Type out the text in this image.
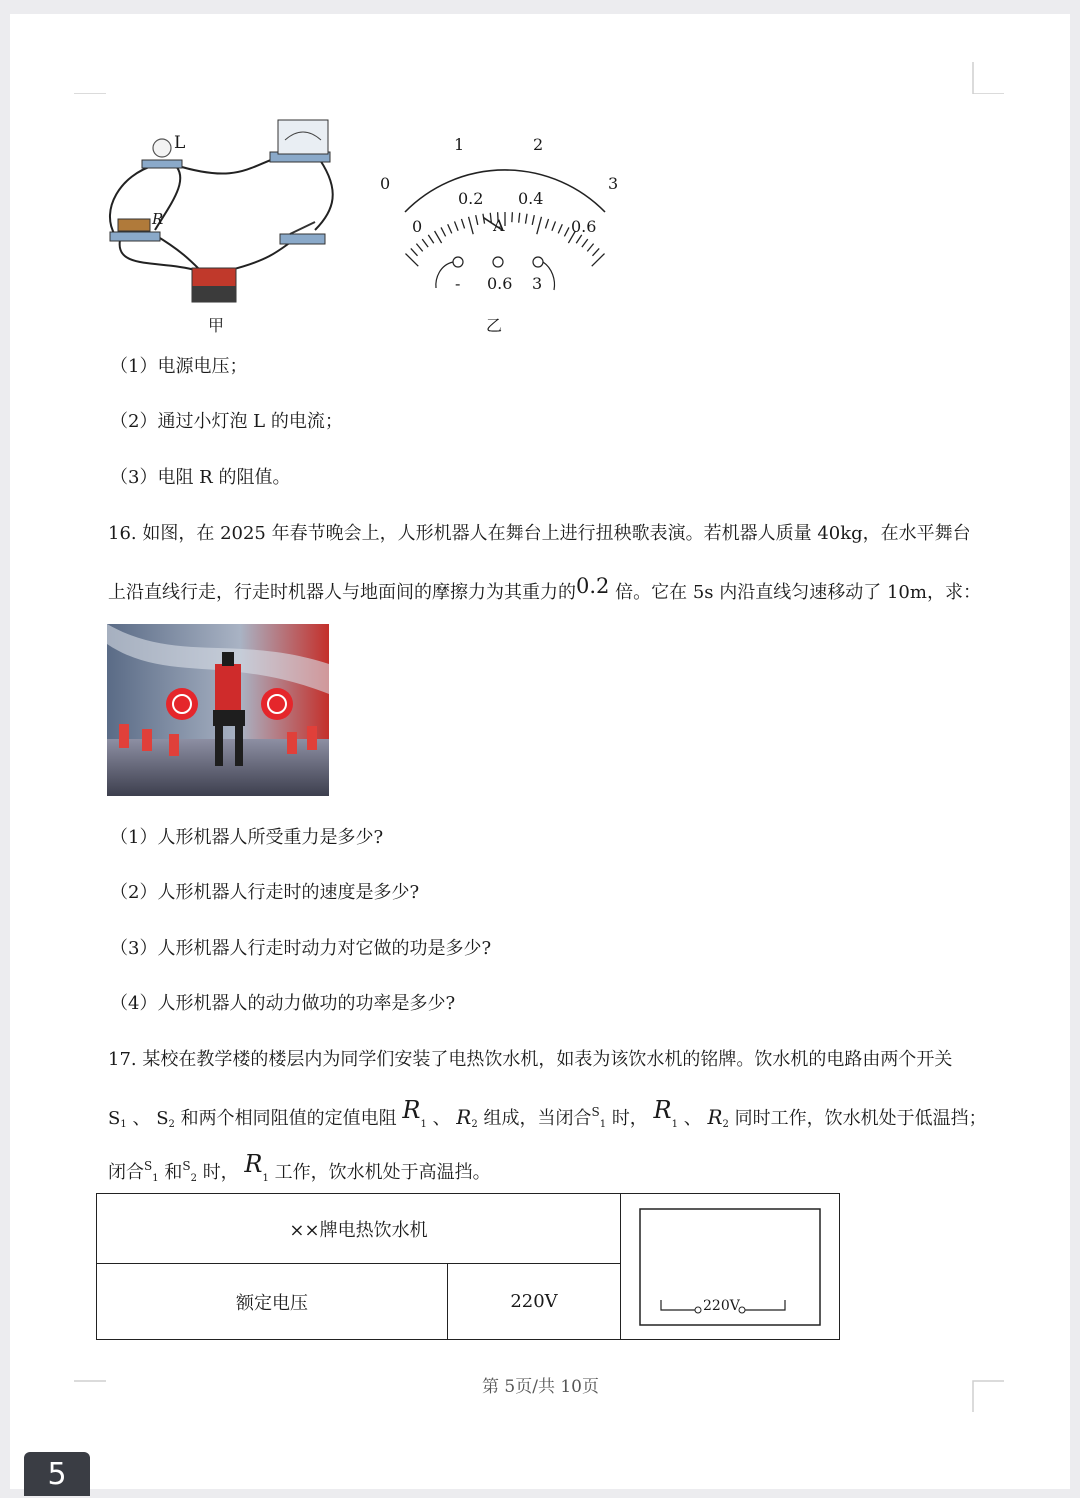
L
R
甲
0
1	2
3
0
0.2 0.4
0.6
A
- 0.6 3
乙
（1）电源电压；
（2）通过小灯泡 L 的电流；
（3）电阻 R 的阻值。
16. 如图，在 2025 年春节晚会上，人形机器人在舞台上进行扭秧歌表演。若机器人质量 40kg，在水平舞台
上沿直线行走，行走时机器人与地面间的摩擦力为其重力的0.2 倍。它在 5s 内沿直线匀速移动了 10m，求：
（1）人形机器人所受重力是多少?
（2）人形机器人行走时的速度是多少?
（3）人形机器人行走时动力对它做的功是多少?
（4）人形机器人的动力做功的功率是多少?
17. 某校在教学楼的楼层内为同学们安装了电热饮水机，如表为该饮水机的铭牌。饮水机的电路由两个开关
$S_1$ 、 $S_2$ 和两个相同阻值的定值电阻 $R_1$ 、 $R_2$ 组成，当闭合$^S_1$ 时， $R_1$ 、 $R_2$ 同时工作，饮水机处于低温挡；
闭合$^S_1$ 和$^S_2$ 时， $R_1$ 工作，饮水机处于高温挡。
××牌电热饮水机		220V

额定电压	220V	
第 5页/共 10页
5
